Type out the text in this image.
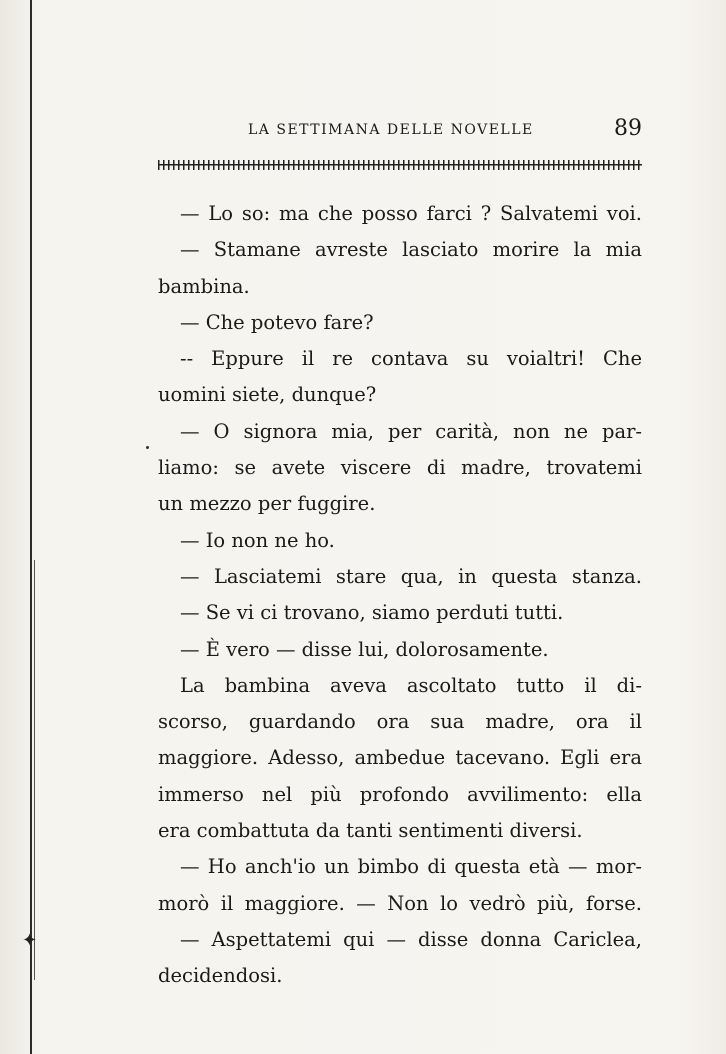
✦
LA SETTIMANA DELLE NOVELLE	89
— Lo so: ma che posso farci ? Salvatemi voi.
— Stamane avreste lasciato morire la mia
bambina.
— Che potevo fare?
-- Eppure il re contava su voialtri! Che
uomini siete, dunque?
— O signora mia, per carità, non ne par-
liamo: se avete viscere di madre, trovatemi
un mezzo per fuggire.
— Io non ne ho.
— Lasciatemi stare qua, in questa stanza.
— Se vi ci trovano, siamo perduti tutti.
— È vero — disse lui, dolorosamente.
La bambina aveva ascoltato tutto il di-
scorso, guardando ora sua madre, ora il
maggiore. Adesso, ambedue tacevano. Egli era
immerso nel più profondo avvilimento: ella
era combattuta da tanti sentimenti diversi.
— Ho anch'io un bimbo di questa età — mor-
morò il maggiore. — Non lo vedrò più, forse.
— Aspettatemi qui — disse donna Cariclea,
decidendosi.
